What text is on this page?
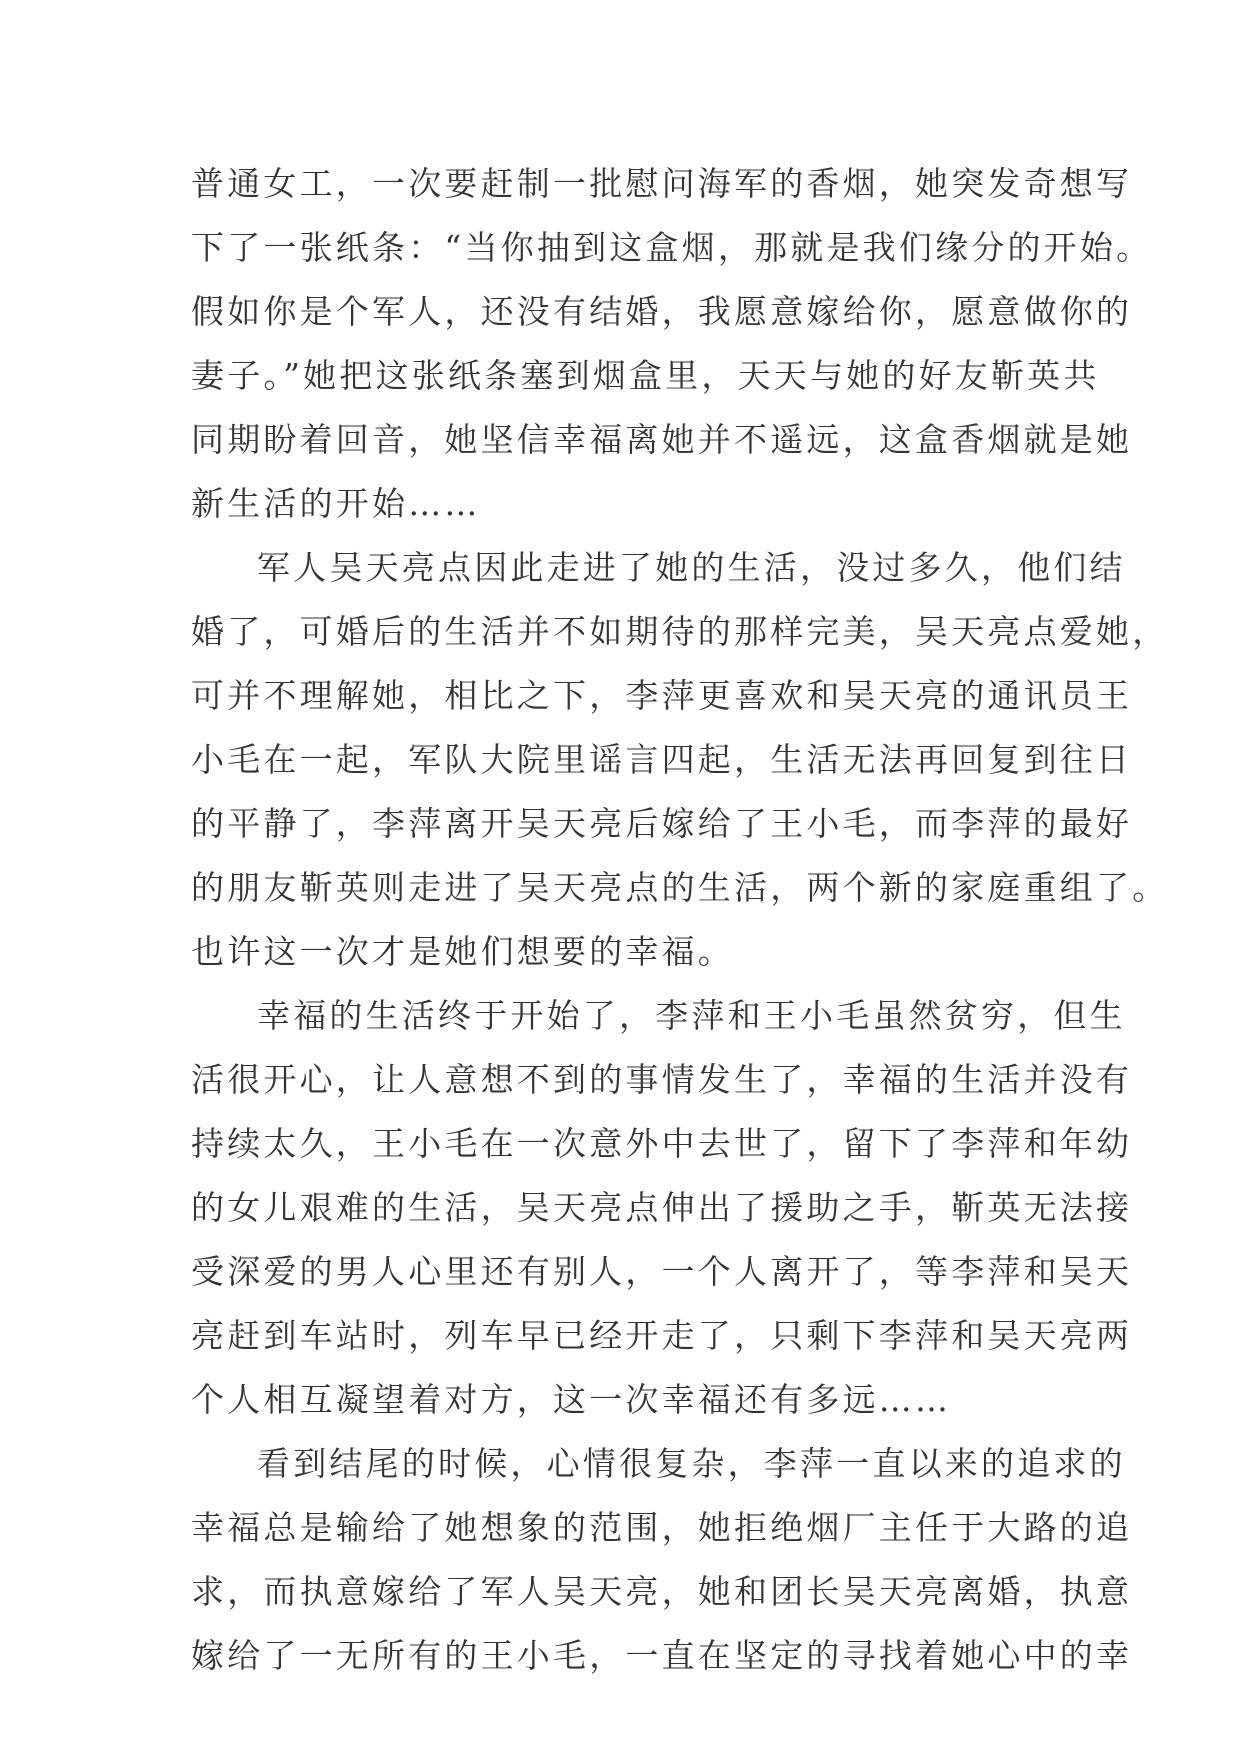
普通女工，一次要赶制一批慰问海军的香烟，她突发奇想写
下了一张纸条：“当你抽到这盒烟，那就是我们缘分的开始。
假如你是个军人，还没有结婚，我愿意嫁给你，愿意做你的
妻子。”她把这张纸条塞到烟盒里，天天与她的好友靳英共
同期盼着回音，她坚信幸福离她并不遥远，这盒香烟就是她
新生活的开始……
军人吴天亮点因此走进了她的生活，没过多久，他们结
婚了，可婚后的生活并不如期待的那样完美，吴天亮点爱她，
可并不理解她，相比之下，李萍更喜欢和吴天亮的通讯员王
小毛在一起，军队大院里谣言四起，生活无法再回复到往日
的平静了，李萍离开吴天亮后嫁给了王小毛，而李萍的最好
的朋友靳英则走进了吴天亮点的生活，两个新的家庭重组了。
也许这一次才是她们想要的幸福。
幸福的生活终于开始了，李萍和王小毛虽然贫穷，但生
活很开心，让人意想不到的事情发生了，幸福的生活并没有
持续太久，王小毛在一次意外中去世了，留下了李萍和年幼
的女儿艰难的生活，吴天亮点伸出了援助之手，靳英无法接
受深爱的男人心里还有别人，一个人离开了，等李萍和吴天
亮赶到车站时，列车早已经开走了，只剩下李萍和吴天亮两
个人相互凝望着对方，这一次幸福还有多远……
看到结尾的时候，心情很复杂，李萍一直以来的追求的
幸福总是输给了她想象的范围，她拒绝烟厂主任于大路的追
求，而执意嫁给了军人吴天亮，她和团长吴天亮离婚，执意
嫁给了一无所有的王小毛，一直在坚定的寻找着她心中的幸
